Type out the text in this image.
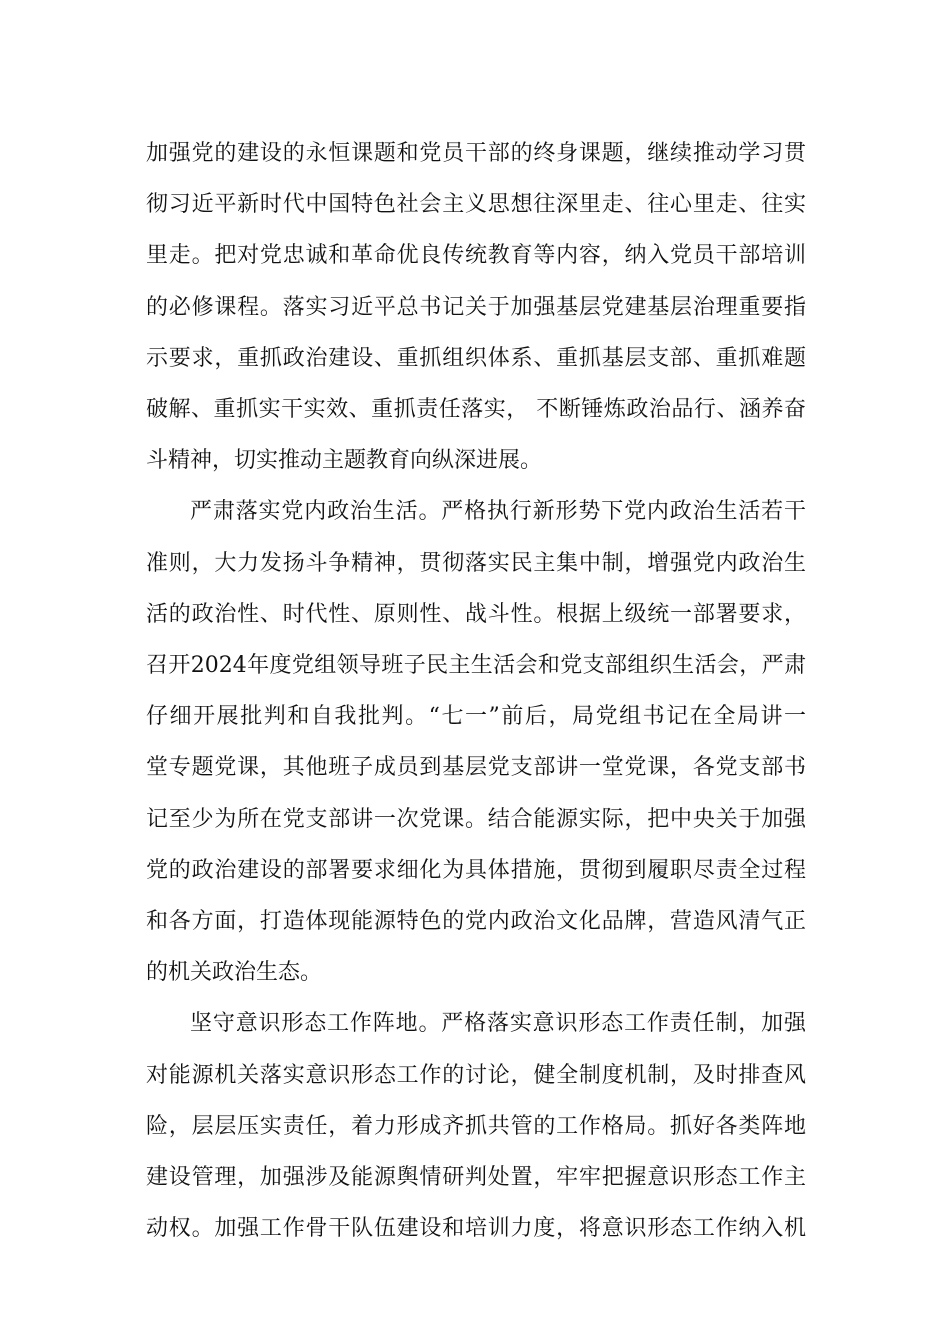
加强党的建设的永恒课题和党员干部的终身课题，继续推动学习贯
彻习近平新时代中国特色社会主义思想往深里走、往心里走、往实
里走。把对党忠诚和革命优良传统教育等内容，纳入党员干部培训
的必修课程。落实习近平总书记关于加强基层党建基层治理重要指
示要求，重抓政治建设、重抓组织体系、重抓基层支部、重抓难题
破解、重抓实干实效、重抓责任落实， 不断锤炼政治品行、涵养奋
斗精神，切实推动主题教育向纵深进展。

严肃落实党内政治生活。严格执行新形势下党内政治生活若干
准则，大力发扬斗争精神，贯彻落实民主集中制，增强党内政治生
活的政治性、时代性、原则性、战斗性。根据上级统一部署要求，
召开2024年度党组领导班子民主生活会和党支部组织生活会，严肃
仔细开展批判和自我批判。“七一”前后，局党组书记在全局讲一
堂专题党课，其他班子成员到基层党支部讲一堂党课，各党支部书
记至少为所在党支部讲一次党课。结合能源实际，把中央关于加强
党的政治建设的部署要求细化为具体措施，贯彻到履职尽责全过程
和各方面，打造体现能源特色的党内政治文化品牌，营造风清气正
的机关政治生态。

坚守意识形态工作阵地。严格落实意识形态工作责任制，加强
对能源机关落实意识形态工作的讨论，健全制度机制，及时排查风
险，层层压实责任，着力形成齐抓共管的工作格局。抓好各类阵地
建设管理，加强涉及能源舆情研判处置，牢牢把握意识形态工作主
动权。加强工作骨干队伍建设和培训力度，将意识形态工作纳入机
